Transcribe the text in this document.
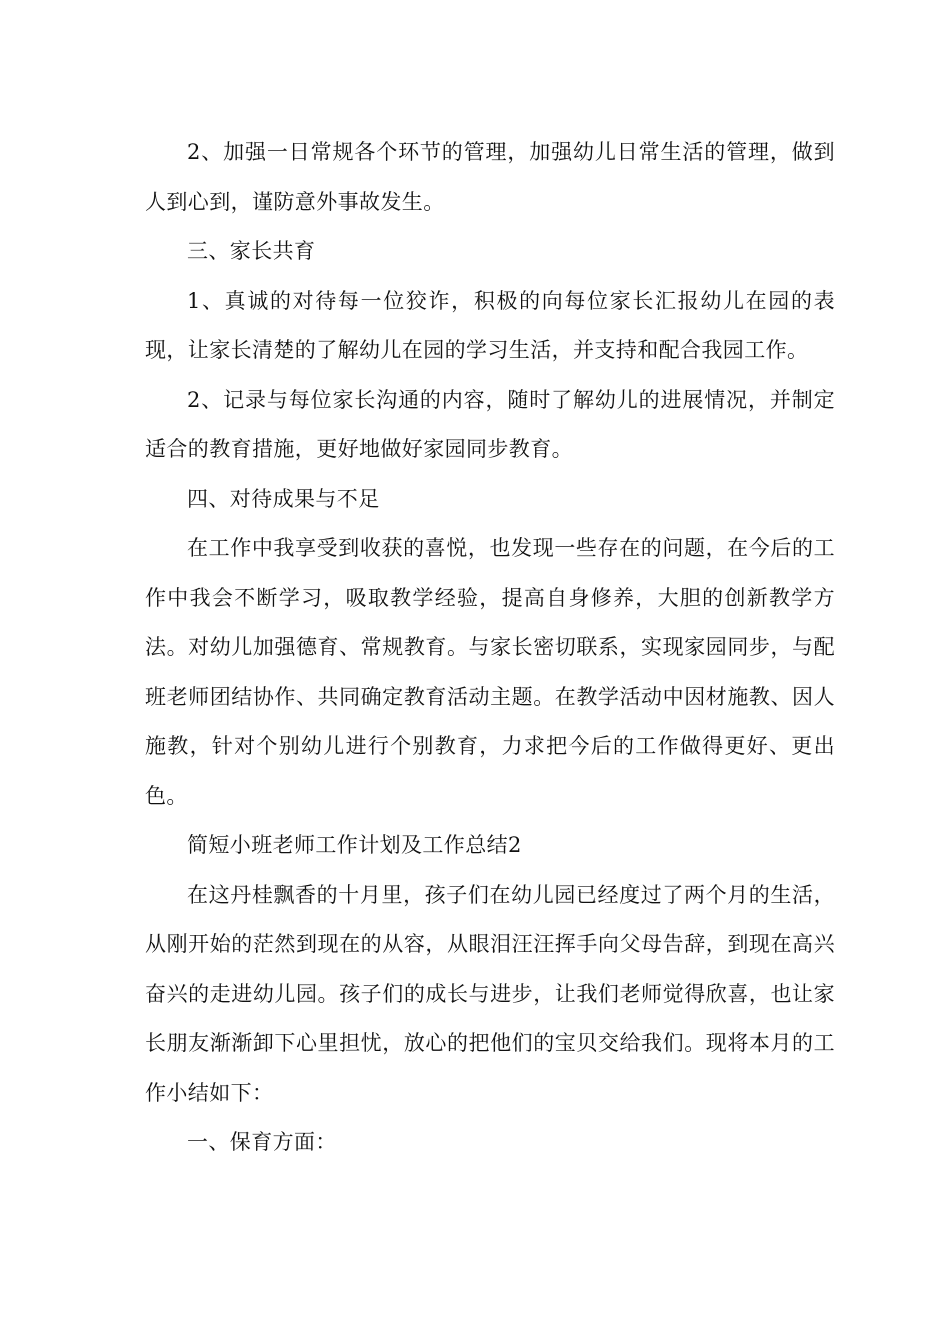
2、加强一日常规各个环节的管理，加强幼儿日常生活的管理，做到人到心到，谨防意外事故发生。

三、家长共育

1、真诚的对待每一位狡诈，积极的向每位家长汇报幼儿在园的表现，让家长清楚的了解幼儿在园的学习生活，并支持和配合我园工作。

2、记录与每位家长沟通的内容，随时了解幼儿的进展情况，并制定适合的教育措施，更好地做好家园同步教育。

四、对待成果与不足

在工作中我享受到收获的喜悦，也发现一些存在的问题，在今后的工作中我会不断学习，吸取教学经验，提高自身修养，大胆的创新教学方法。对幼儿加强德育、常规教育。与家长密切联系，实现家园同步，与配班老师团结协作、共同确定教育活动主题。在教学活动中因材施教、因人施教，针对个别幼儿进行个别教育，力求把今后的工作做得更好、更出色。

简短小班老师工作计划及工作总结2

在这丹桂飘香的十月里，孩子们在幼儿园已经度过了两个月的生活，从刚开始的茫然到现在的从容，从眼泪汪汪挥手向父母告辞，到现在高兴奋兴的走进幼儿园。孩子们的成长与进步，让我们老师觉得欣喜，也让家长朋友渐渐卸下心里担忧，放心的把他们的宝贝交给我们。现将本月的工作小结如下：

一、保育方面：
